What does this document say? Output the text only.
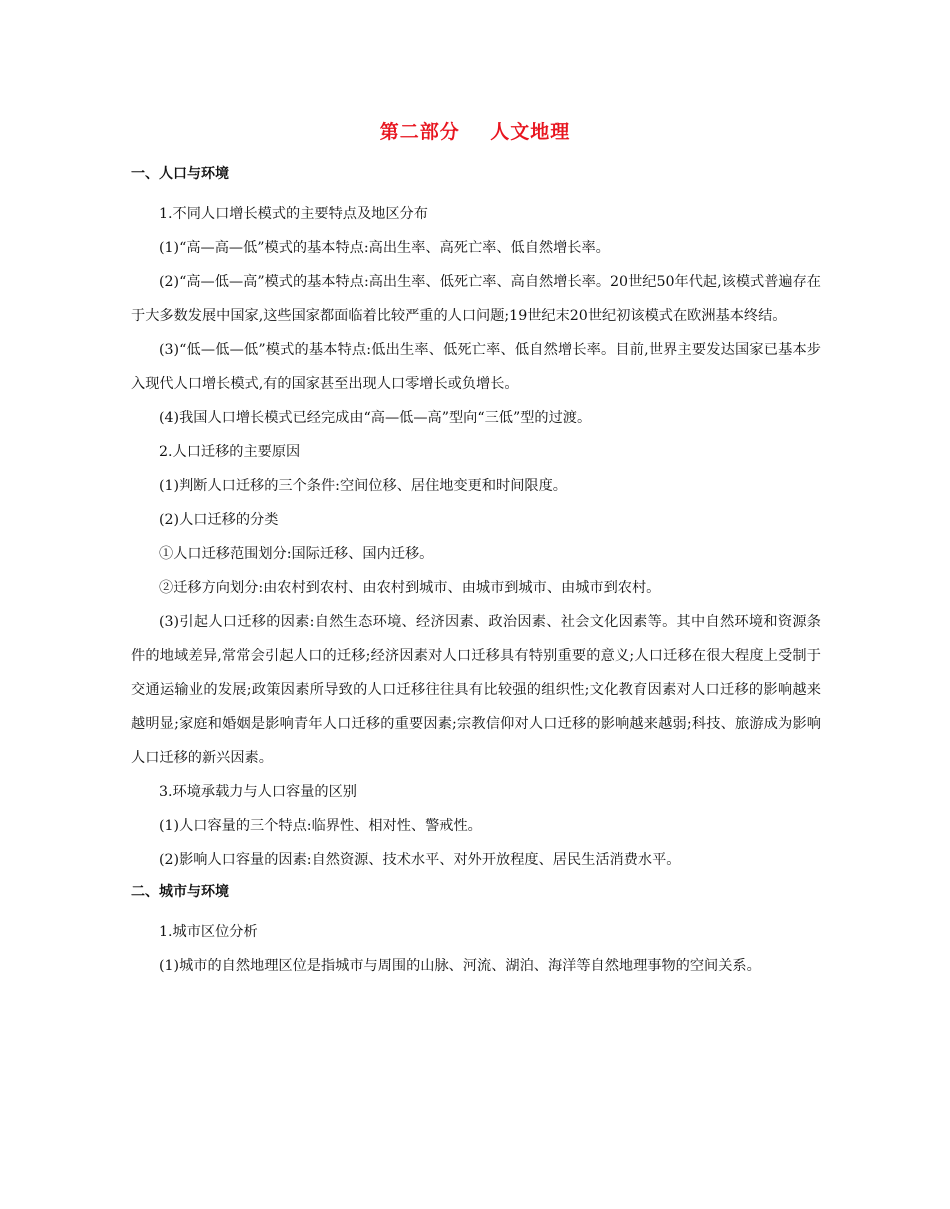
第二部分    人文地理
一、人口与环境

1.不同人口增长模式的主要特点及地区分布

(1)“高—高—低”模式的基本特点:高出生率、高死亡率、低自然增长率。

(2)“高—低—高”模式的基本特点:高出生率、低死亡率、高自然增长率。20世纪50年代起,该模式普遍存在于大多数发展中国家,这些国家都面临着比较严重的人口问题;19世纪末20世纪初该模式在欧洲基本终结。

(3)“低—低—低”模式的基本特点:低出生率、低死亡率、低自然增长率。目前,世界主要发达国家已基本步入现代人口增长模式,有的国家甚至出现人口零增长或负增长。

(4)我国人口增长模式已经完成由“高—低—高”型向“三低”型的过渡。

2.人口迁移的主要原因

(1)判断人口迁移的三个条件:空间位移、居住地变更和时间限度。

(2)人口迁移的分类

①人口迁移范围划分:国际迁移、国内迁移。

②迁移方向划分:由农村到农村、由农村到城市、由城市到城市、由城市到农村。

(3)引起人口迁移的因素:自然生态环境、经济因素、政治因素、社会文化因素等。其中自然环境和资源条件的地域差异,常常会引起人口的迁移;经济因素对人口迁移具有特别重要的意义;人口迁移在很大程度上受制于交通运输业的发展;政策因素所导致的人口迁移往往具有比较强的组织性;文化教育因素对人口迁移的影响越来越明显;家庭和婚姻是影响青年人口迁移的重要因素;宗教信仰对人口迁移的影响越来越弱;科技、旅游成为影响人口迁移的新兴因素。

3.环境承载力与人口容量的区别

(1)人口容量的三个特点:临界性、相对性、警戒性。

(2)影响人口容量的因素:自然资源、技术水平、对外开放程度、居民生活消费水平。

二、城市与环境

1.城市区位分析

(1)城市的自然地理区位是指城市与周围的山脉、河流、湖泊、海洋等自然地理事物的空间关系。
